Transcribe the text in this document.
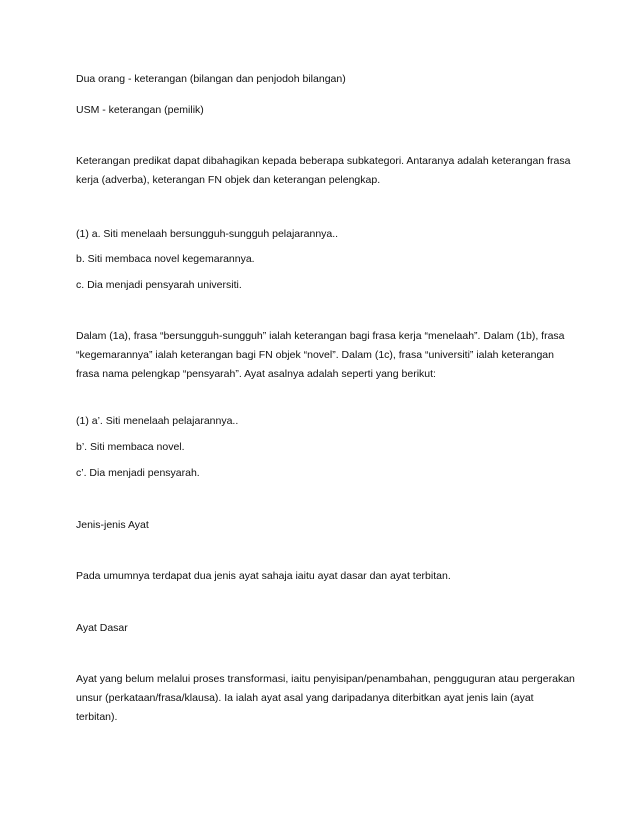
Dua orang - keterangan (bilangan dan penjodoh bilangan)

USM - keterangan (pemilik)

Keterangan predikat dapat dibahagikan kepada beberapa subkategori. Antaranya adalah keterangan frasa kerja (adverba), keterangan FN objek dan keterangan pelengkap.

(1) a. Siti menelaah bersungguh-sungguh pelajarannya..

b. Siti membaca novel kegemarannya.

c. Dia menjadi pensyarah universiti.

Dalam (1a), frasa “bersungguh-sungguh” ialah keterangan bagi frasa kerja “menelaah”. Dalam (1b), frasa “kegemarannya” ialah keterangan bagi FN objek “novel”. Dalam (1c), frasa “universiti” ialah keterangan frasa nama pelengkap “pensyarah”. Ayat asalnya adalah seperti yang berikut:

(1) a’. Siti menelaah pelajarannya..

b’. Siti membaca novel.

c’. Dia menjadi pensyarah.

Jenis-jenis Ayat

Pada umumnya terdapat dua jenis ayat sahaja iaitu ayat dasar dan ayat terbitan.

Ayat Dasar

Ayat yang belum melalui proses transformasi, iaitu penyisipan/penambahan, pengguguran atau pergerakan unsur (perkataan/frasa/klausa). Ia ialah ayat asal yang daripadanya diterbitkan ayat jenis lain (ayat terbitan).
